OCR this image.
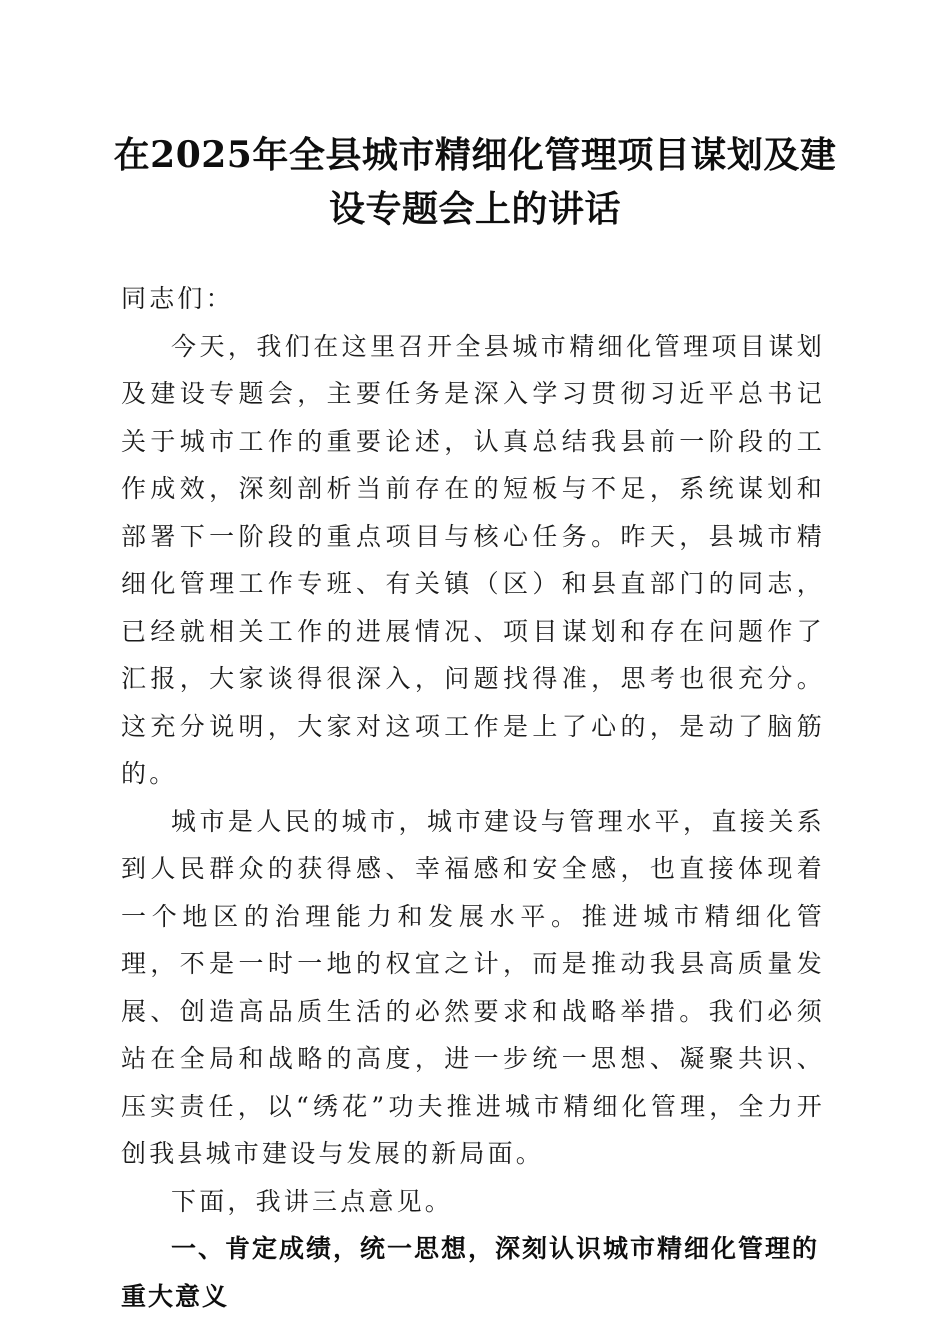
在2025年全县城市精细化管理项目谋划及建设专题会上的讲话

同志们：

今天，我们在这里召开全县城市精细化管理项目谋划及建设专题会，主要任务是深入学习贯彻习近平总书记关于城市工作的重要论述，认真总结我县前一阶段的工作成效，深刻剖析当前存在的短板与不足，系统谋划和部署下一阶段的重点项目与核心任务。昨天，县城市精细化管理工作专班、有关镇（区）和县直部门的同志，已经就相关工作的进展情况、项目谋划和存在问题作了汇报，大家谈得很深入，问题找得准，思考也很充分。这充分说明，大家对这项工作是上了心的，是动了脑筋的。

城市是人民的城市，城市建设与管理水平，直接关系到人民群众的获得感、幸福感和安全感，也直接体现着一个地区的治理能力和发展水平。推进城市精细化管理，不是一时一地的权宜之计，而是推动我县高质量发展、创造高品质生活的必然要求和战略举措。我们必须站在全局和战略的高度，进一步统一思想、凝聚共识、压实责任，以“绣花”功夫推进城市精细化管理，全力开创我县城市建设与发展的新局面。

下面，我讲三点意见。

一、肯定成绩，统一思想，深刻认识城市精细化管理的重大意义
